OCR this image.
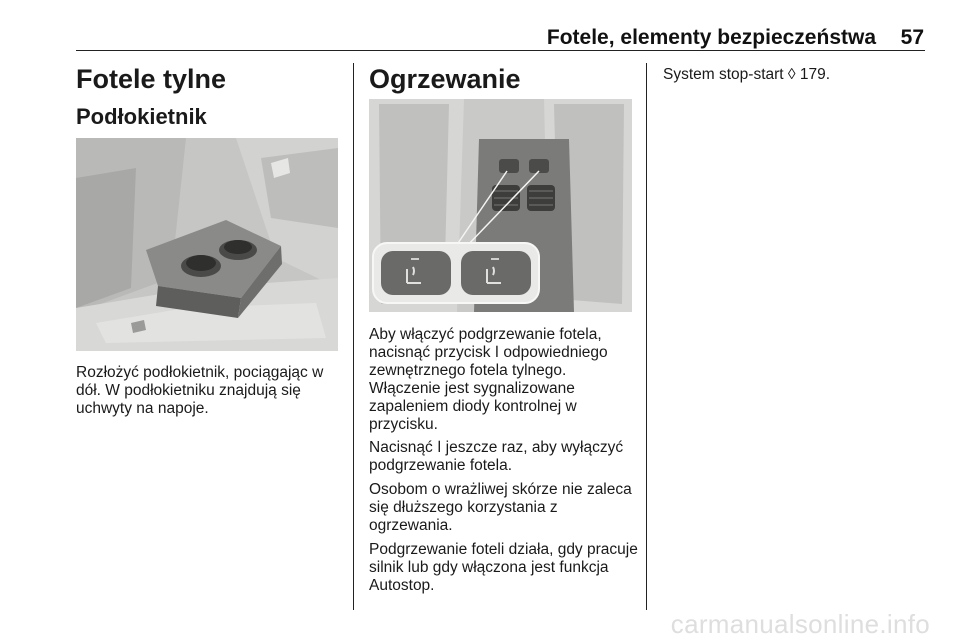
Fotele, elementy bezpieczeństwa 57
Fotele tylne
Podłokietnik

Rozłożyć podłokietnik, pociągając w dół. W podłokietniku znajdują się uchwyty na napoje.

Ogrzewanie

Aby włączyć podgrzewanie fotela, nacisnąć przycisk ߊ odpowiedniego zewnętrznego fotela tylnego. Włączenie jest sygnalizowane zapaleniem diody kontrolnej w przycisku.

Nacisnąć ߊ jeszcze raz, aby wyłączyć podgrzewanie fotela.

Osobom o wrażliwej skórze nie zaleca się dłuższego korzystania z ogrzewania.

Podgrzewanie foteli działa, gdy pracuje silnik lub gdy włączona jest funkcja Autostop.

System stop-start ◊ 179.

carmanualsonline.info
